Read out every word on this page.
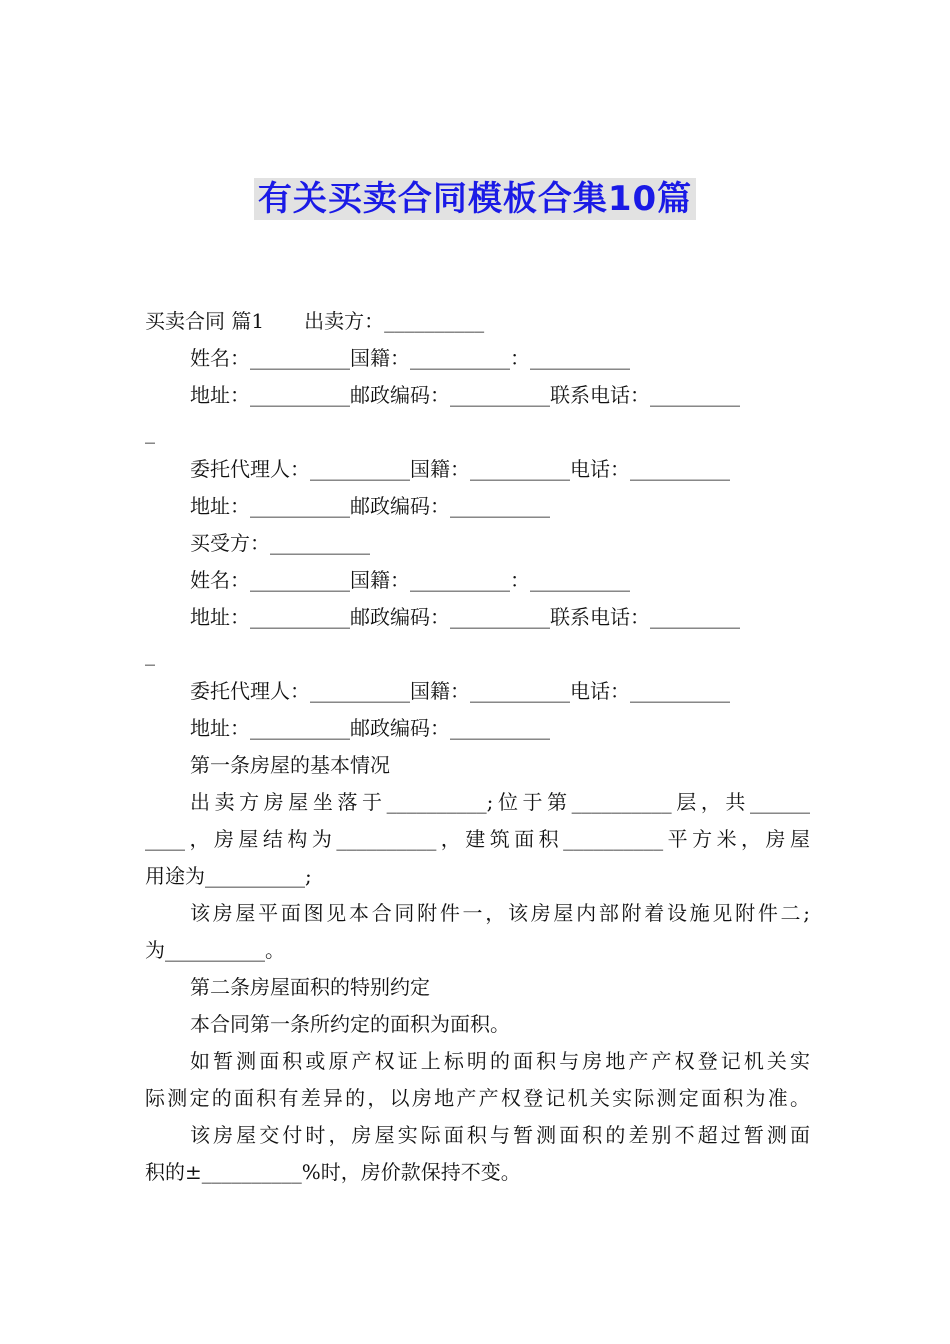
有关买卖合同模板合集10篇
买卖合同 篇1　　出卖方：__________
姓名：__________国籍：__________：__________
地址：__________邮政编码：__________联系电话：_________
_
委托代理人：__________国籍：__________电话：__________
地址：__________邮政编码：__________
买受方：__________
姓名：__________国籍：__________：__________
地址：__________邮政编码：__________联系电话：_________
_
委托代理人：__________国籍：__________电话：__________
地址：__________邮政编码：__________
第一条房屋的基本情况
出卖方房屋坐落于__________;位于第__________层，共______
____，房屋结构为__________，建筑面积__________平方米，房屋
用途为__________;
该房屋平面图见本合同附件一，该房屋内部附着设施见附件二;
为__________。
第二条房屋面积的特别约定
本合同第一条所约定的面积为面积。
如暂测面积或原产权证上标明的面积与房地产产权登记机关实
际测定的面积有差异的，以房地产产权登记机关实际测定面积为准。
该房屋交付时，房屋实际面积与暂测面积的差别不超过暂测面
积的±__________%时，房价款保持不变。
